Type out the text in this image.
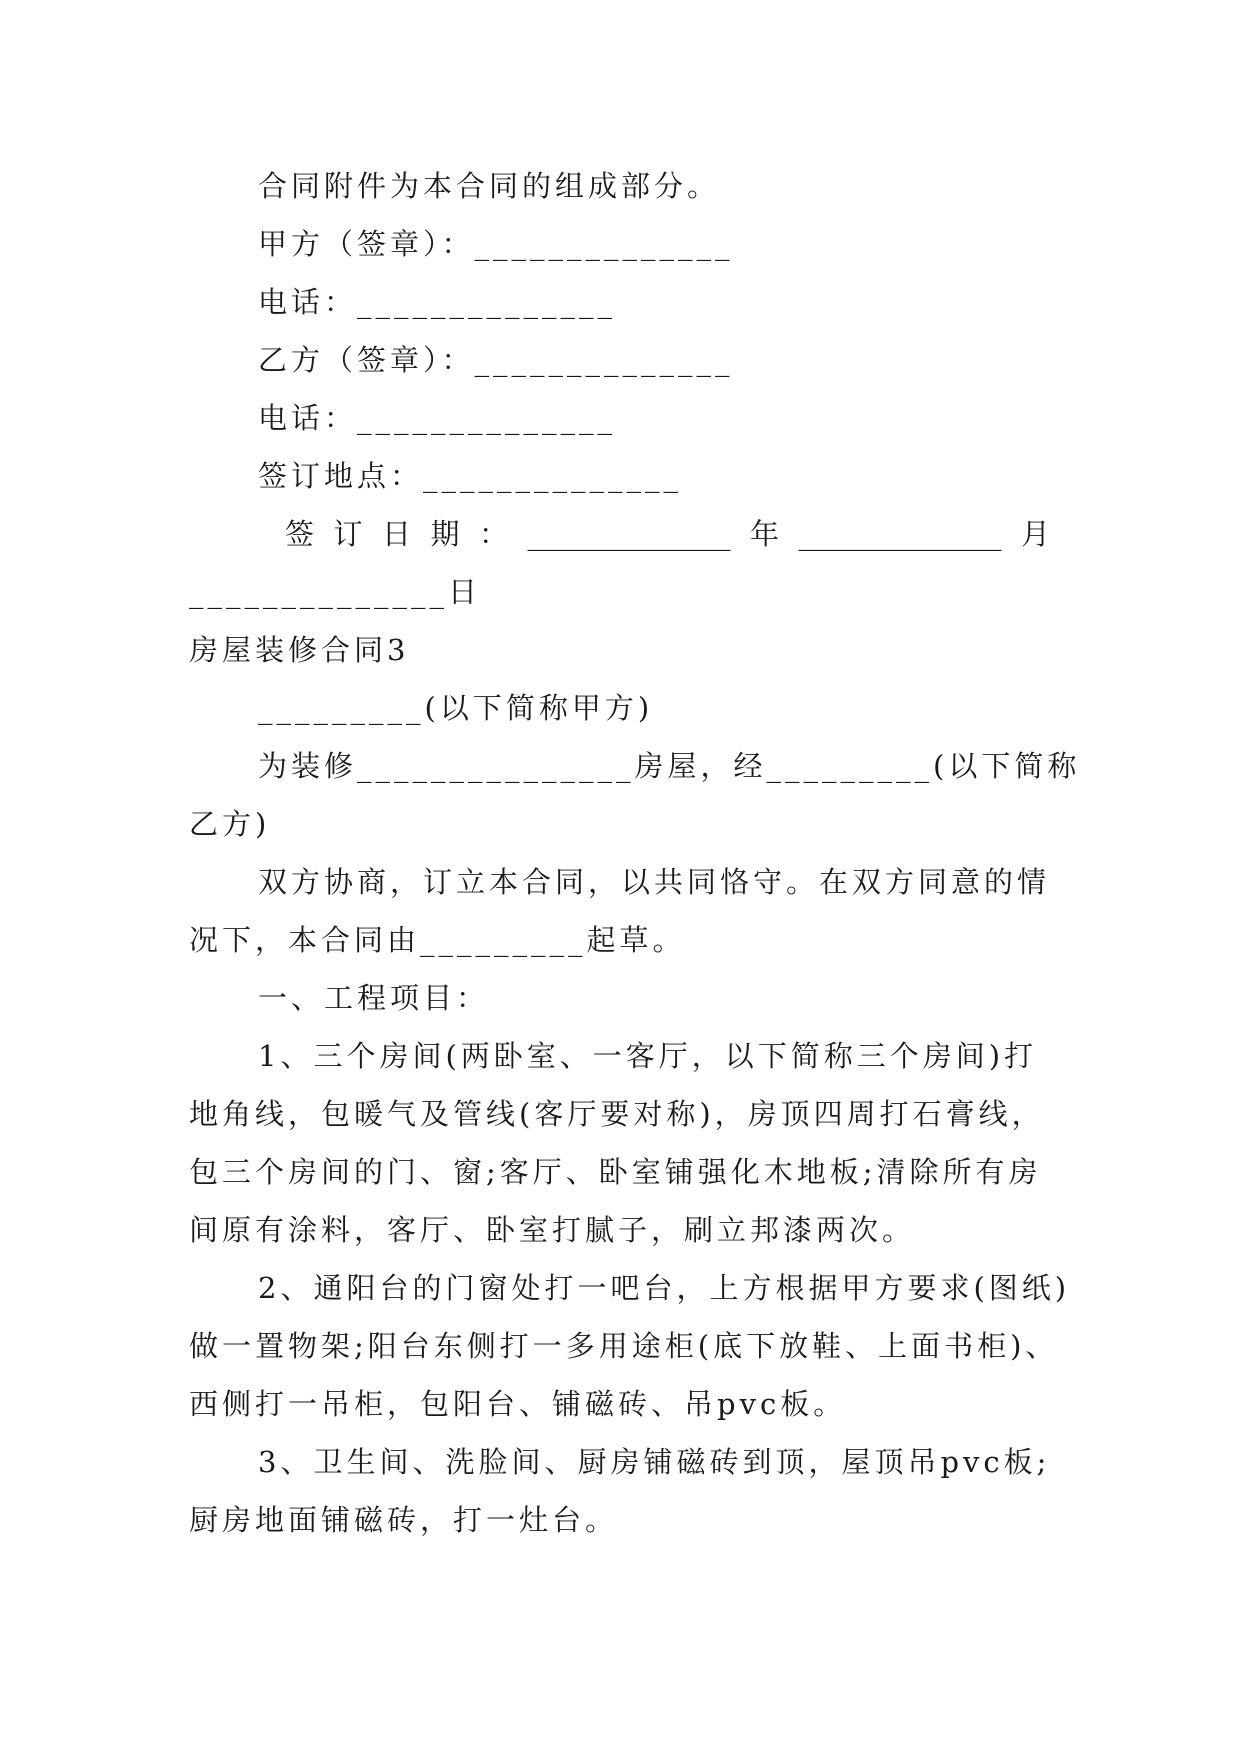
合同附件为本合同的组成部分。
甲方（签章）：______________
电话：______________
乙方（签章）：______________
电话：______________
签订地点：______________
签 订 日 期 ： ______________ 年 ______________ 月
______________日
房屋装修合同3
_________(以下简称甲方)
为装修_______________房屋，经_________(以下简称
乙方)
双方协商，订立本合同，以共同恪守。在双方同意的情
况下，本合同由_________起草。
一、工程项目：
1、三个房间(两卧室、一客厅，以下简称三个房间)打
地角线，包暖气及管线(客厅要对称)，房顶四周打石膏线，
包三个房间的门、窗;客厅、卧室铺强化木地板;清除所有房
间原有涂料，客厅、卧室打腻子，刷立邦漆两次。
2、通阳台的门窗处打一吧台，上方根据甲方要求(图纸)
做一置物架;阳台东侧打一多用途柜(底下放鞋、上面书柜)、
西侧打一吊柜，包阳台、铺磁砖、吊pvc板。
3、卫生间、洗脸间、厨房铺磁砖到顶，屋顶吊pvc板;
厨房地面铺磁砖，打一灶台。
